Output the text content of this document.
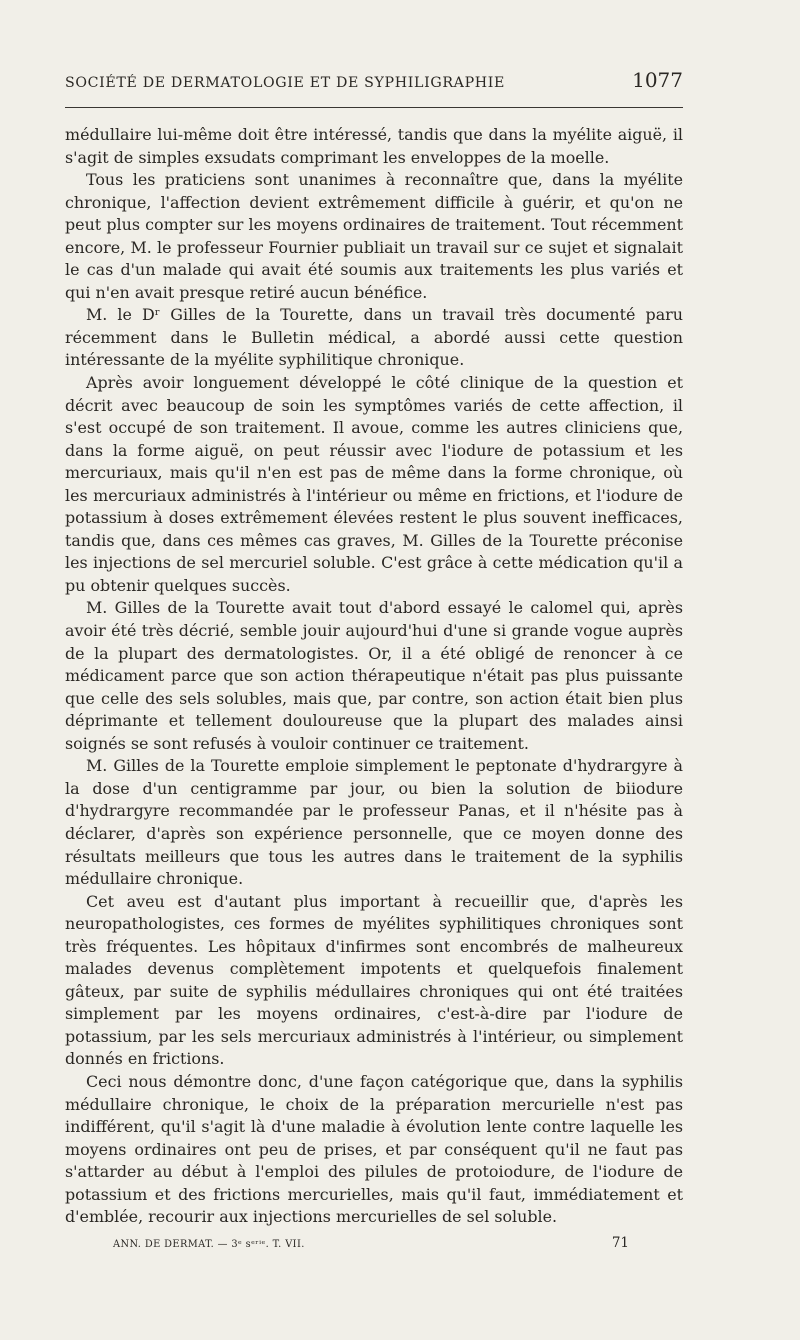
SOCIÉTÉ DE DERMATOLOGIE ET DE SYPHILIGRAPHIE	1077

médullaire lui-même doit être intéressé, tandis que dans la myélite aiguë, il s'agit de simples exsudats comprimant les enveloppes de la moelle.

Tous les praticiens sont unanimes à reconnaître que, dans la myélite chronique, l'affection devient extrêmement difficile à guérir, et qu'on ne peut plus compter sur les moyens ordinaires de traitement. Tout récemment encore, M. le professeur Fournier publiait un travail sur ce sujet et signalait le cas d'un malade qui avait été soumis aux traitements les plus variés et qui n'en avait presque retiré aucun bénéfice.

M. le Dʳ Gilles de la Tourette, dans un travail très documenté paru récemment dans le Bulletin médical, a abordé aussi cette question intéressante de la myélite syphilitique chronique.

Après avoir longuement développé le côté clinique de la question et décrit avec beaucoup de soin les symptômes variés de cette affection, il s'est occupé de son traitement. Il avoue, comme les autres cliniciens que, dans la forme aiguë, on peut réussir avec l'iodure de potassium et les mercuriaux, mais qu'il n'en est pas de même dans la forme chronique, où les mercuriaux administrés à l'intérieur ou même en frictions, et l'iodure de potassium à doses extrêmement élevées restent le plus souvent inefficaces, tandis que, dans ces mêmes cas graves, M. Gilles de la Tourette préconise les injections de sel mercuriel soluble. C'est grâce à cette médication qu'il a pu obtenir quelques succès.

M. Gilles de la Tourette avait tout d'abord essayé le calomel qui, après avoir été très décrié, semble jouir aujourd'hui d'une si grande vogue auprès de la plupart des dermatologistes. Or, il a été obligé de renoncer à ce médicament parce que son action thérapeutique n'était pas plus puissante que celle des sels solubles, mais que, par contre, son action était bien plus déprimante et tellement douloureuse que la plupart des malades ainsi soignés se sont refusés à vouloir continuer ce traitement.

M. Gilles de la Tourette emploie simplement le peptonate d'hydrargyre à la dose d'un centigramme par jour, ou bien la solution de biiodure d'hydrargyre recommandée par le professeur Panas, et il n'hésite pas à déclarer, d'après son expérience personnelle, que ce moyen donne des résultats meilleurs que tous les autres dans le traitement de la syphilis médullaire chronique.

Cet aveu est d'autant plus important à recueillir que, d'après les neuropathologistes, ces formes de myélites syphilitiques chroniques sont très fréquentes. Les hôpitaux d'infirmes sont encombrés de malheureux malades devenus complètement impotents et quelquefois finalement gâteux, par suite de syphilis médullaires chroniques qui ont été traitées simplement par les moyens ordinaires, c'est-à-dire par l'iodure de potassium, par les sels mercuriaux administrés à l'intérieur, ou simplement donnés en frictions.

Ceci nous démontre donc, d'une façon catégorique que, dans la syphilis médullaire chronique, le choix de la préparation mercurielle n'est pas indifférent, qu'il s'agit là d'une maladie à évolution lente contre laquelle les moyens ordinaires ont peu de prises, et par conséquent qu'il ne faut pas s'attarder au début à l'emploi des pilules de protoiodure, de l'iodure de potassium et des frictions mercurielles, mais qu'il faut, immédiatement et d'emblée, recourir aux injections mercurielles de sel soluble.

ANN. DE DERMAT. — 3ᵉ sᵉʳⁱᵉ. T. VII.	71
